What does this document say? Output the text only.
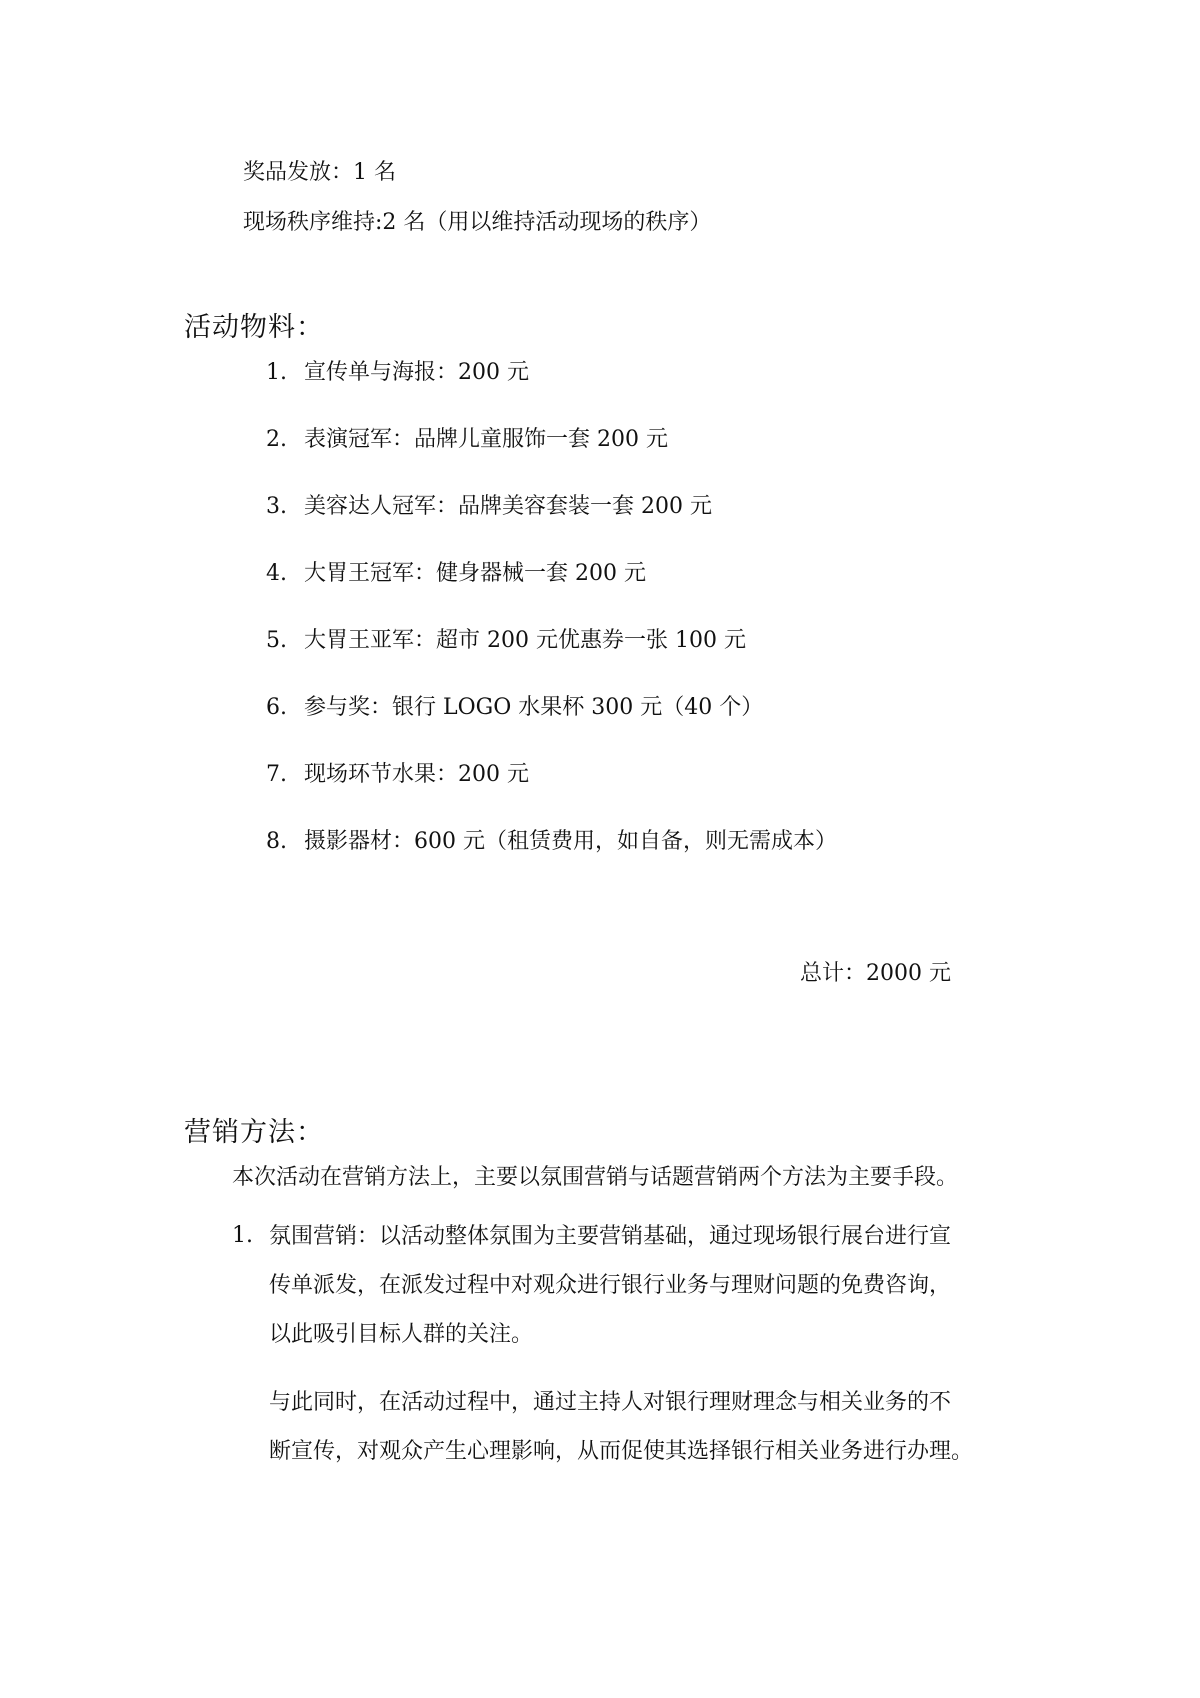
奖品发放：1 名
现场秩序维持:2 名（用以维持活动现场的秩序）
活动物料：
1. 宣传单与海报：200 元
2. 表演冠军：品牌儿童服饰一套 200 元
3. 美容达人冠军：品牌美容套装一套 200 元
4. 大胃王冠军：健身器械一套 200 元
5. 大胃王亚军：超市 200 元优惠券一张 100 元
6. 参与奖：银行 LOGO 水果杯 300 元（40 个）
7. 现场环节水果：200 元
8. 摄影器材：600 元（租赁费用，如自备，则无需成本）
总计：2000 元
营销方法：
本次活动在营销方法上，主要以氛围营销与话题营销两个方法为主要手段。
1. 氛围营销：以活动整体氛围为主要营销基础，通过现场银行展台进行宣
传单派发，在派发过程中对观众进行银行业务与理财问题的免费咨询，
以此吸引目标人群的关注。
与此同时，在活动过程中，通过主持人对银行理财理念与相关业务的不
断宣传，对观众产生心理影响，从而促使其选择银行相关业务进行办理。
